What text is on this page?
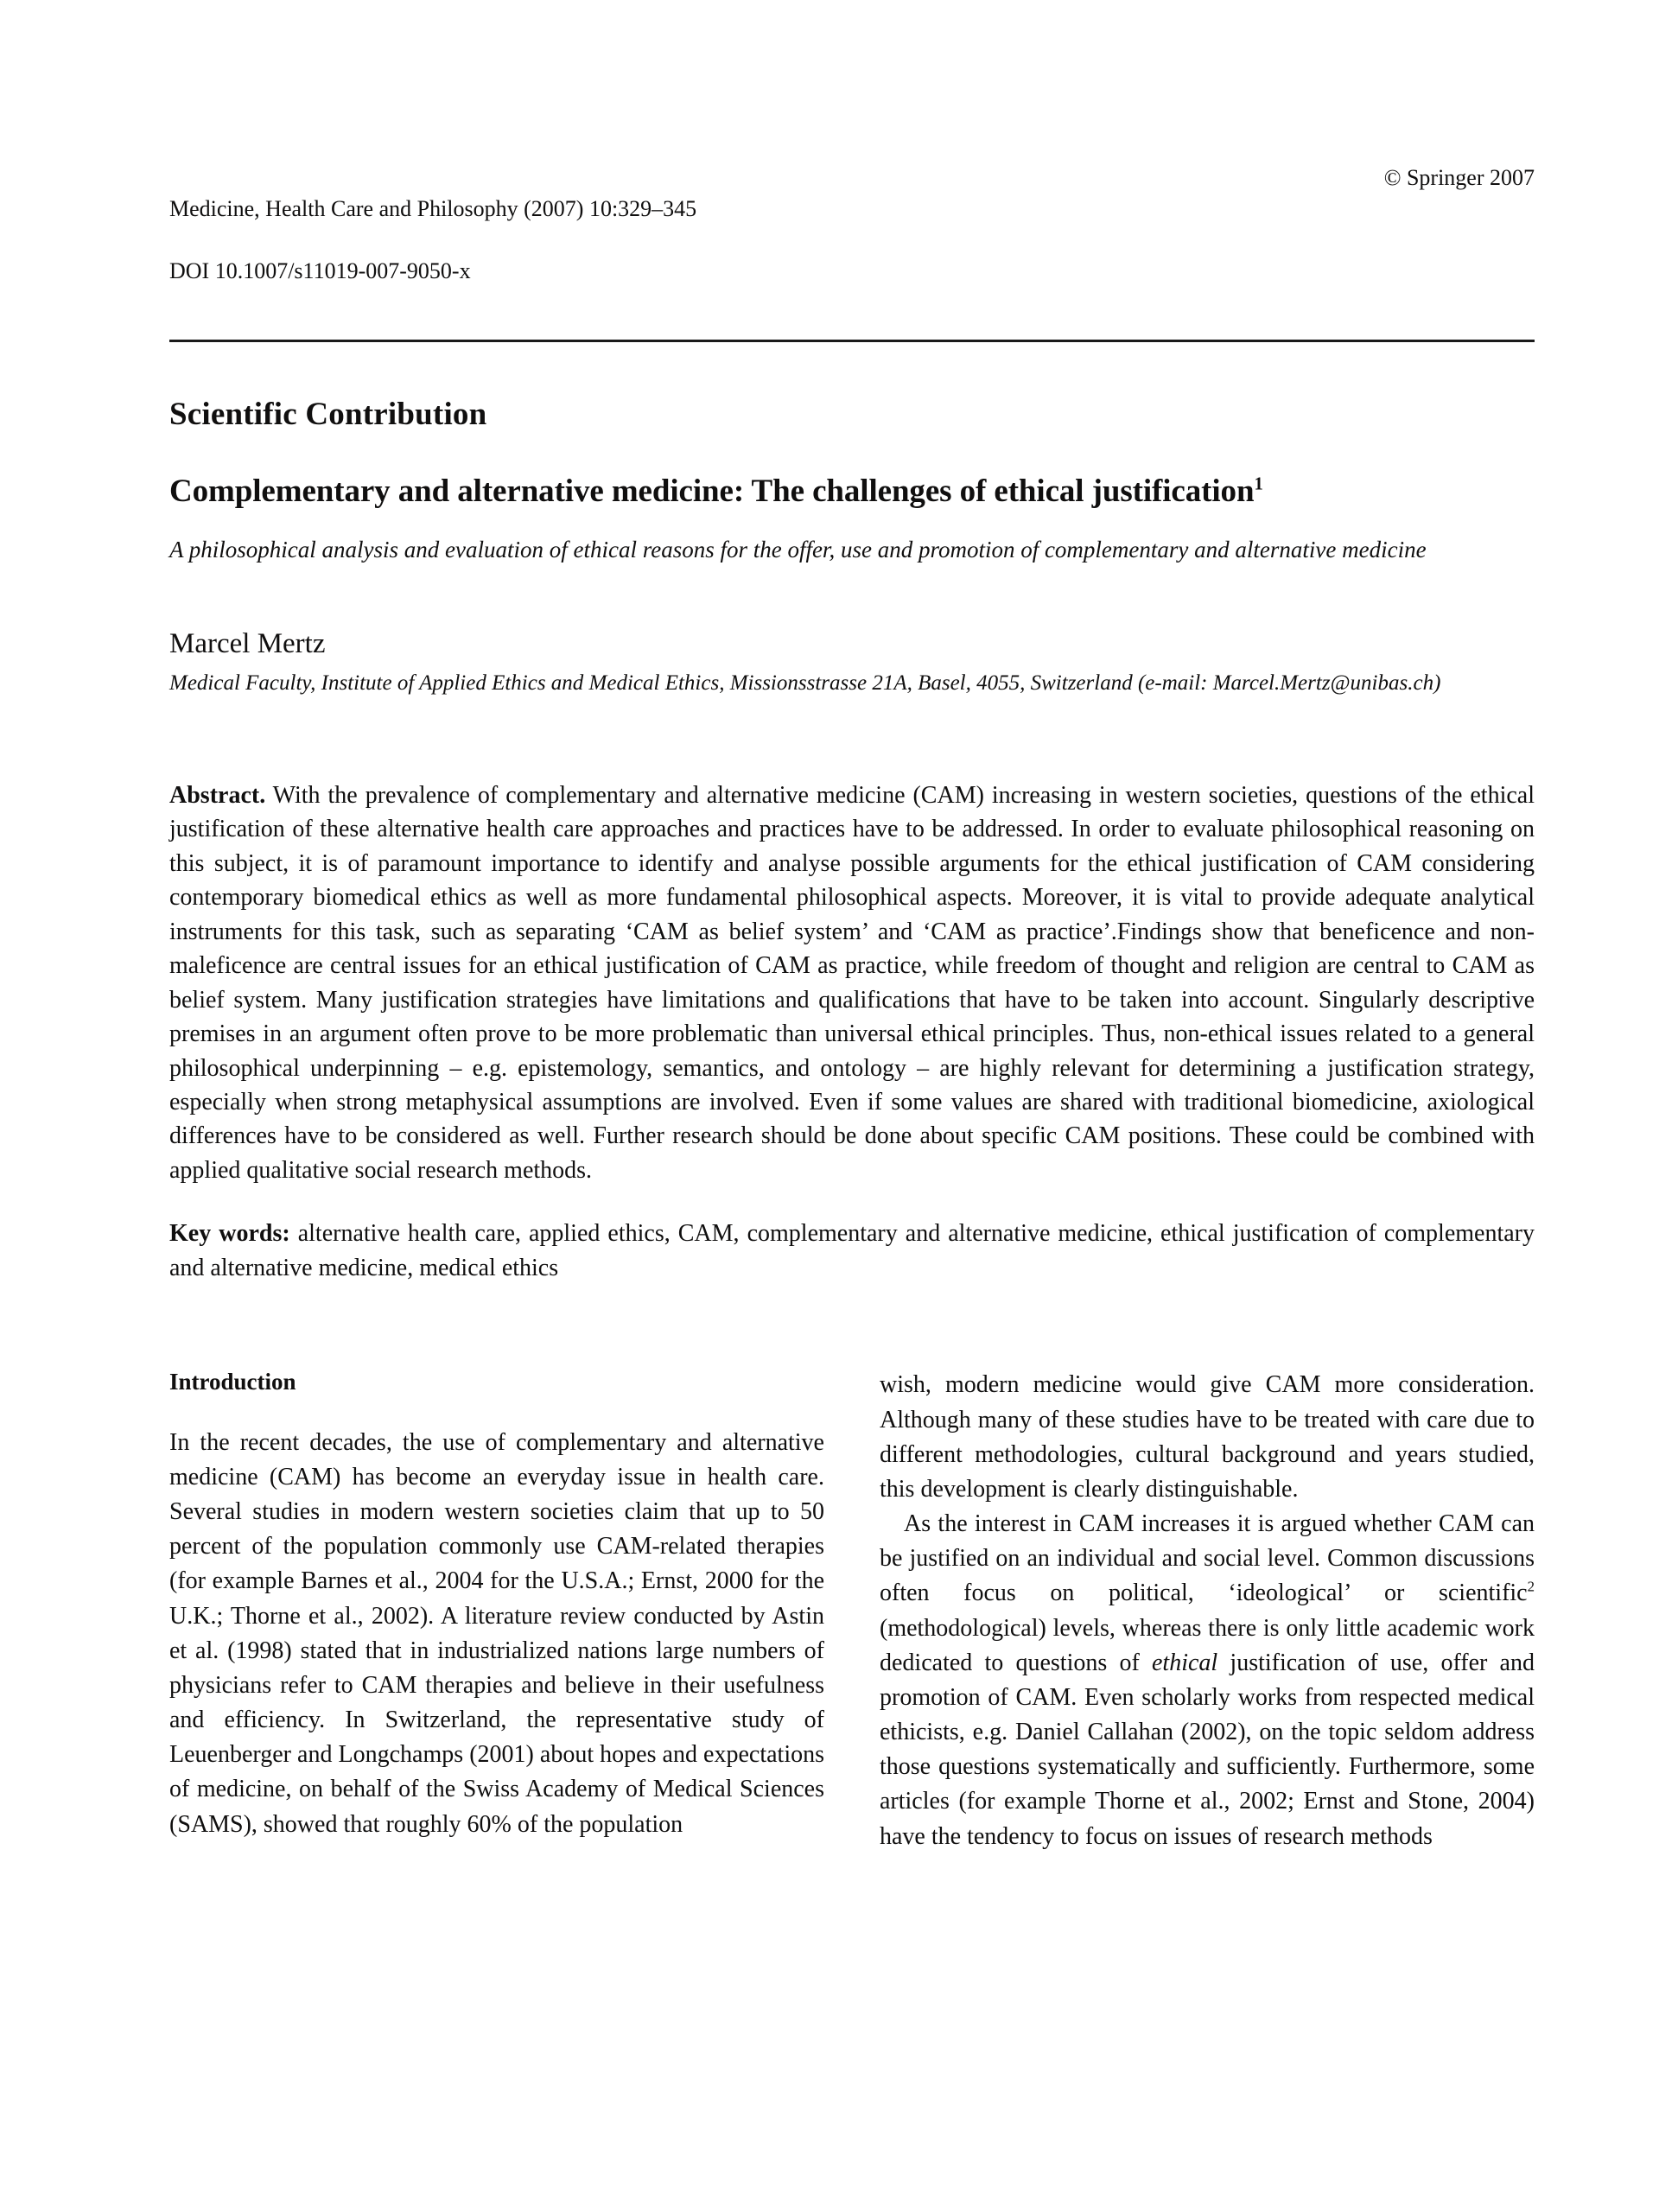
Medicine, Health Care and Philosophy (2007) 10:329–345

DOI 10.1007/s11019-007-9050-x

© Springer 2007
Scientific Contribution
Complementary and alternative medicine: The challenges of ethical justification$^1$
A philosophical analysis and evaluation of ethical reasons for the offer, use and promotion of complementary and alternative medicine
Marcel Mertz
Medical Faculty, Institute of Applied Ethics and Medical Ethics, Missionsstrasse 21A, Basel, 4055, Switzerland (e-mail: Marcel.Mertz@unibas.ch)
Abstract. With the prevalence of complementary and alternative medicine (CAM) increasing in western societies, questions of the ethical justification of these alternative health care approaches and practices have to be addressed. In order to evaluate philosophical reasoning on this subject, it is of paramount importance to identify and analyse possible arguments for the ethical justification of CAM considering contemporary biomedical ethics as well as more fundamental philosophical aspects. Moreover, it is vital to provide adequate analytical instruments for this task, such as separating ‘CAM as belief system’ and ‘CAM as practice’.Findings show that beneficence and non-maleficence are central issues for an ethical justification of CAM as practice, while freedom of thought and religion are central to CAM as belief system. Many justification strategies have limitations and qualifications that have to be taken into account. Singularly descriptive premises in an argument often prove to be more problematic than universal ethical principles. Thus, non-ethical issues related to a general philosophical underpinning – e.g. epistemology, semantics, and ontology – are highly relevant for determining a justification strategy, especially when strong metaphysical assumptions are involved. Even if some values are shared with traditional biomedicine, axiological differences have to be considered as well. Further research should be done about specific CAM positions. These could be combined with applied qualitative social research methods.
Key words: alternative health care, applied ethics, CAM, complementary and alternative medicine, ethical justification of complementary and alternative medicine, medical ethics
Introduction

In the recent decades, the use of complementary and alternative medicine (CAM) has become an everyday issue in health care. Several studies in modern western societies claim that up to 50 percent of the population commonly use CAM-related therapies (for example Barnes et al., 2004 for the U.S.A.; Ernst, 2000 for the U.K.; Thorne et al., 2002). A literature review conducted by Astin et al. (1998) stated that in industrialized nations large numbers of physicians refer to CAM therapies and believe in their usefulness and efficiency. In Switzerland, the representative study of Leuenberger and Longchamps (2001) about hopes and expectations of medicine, on behalf of the Swiss Academy of Medical Sciences (SAMS), showed that roughly 60% of the population

wish, modern medicine would give CAM more consideration. Although many of these studies have to be treated with care due to different methodologies, cultural background and years studied, this development is clearly distinguishable.

As the interest in CAM increases it is argued whether CAM can be justified on an individual and social level. Common discussions often focus on political, ‘ideological’ or scientific$^2$ (methodological) levels, whereas there is only little academic work dedicated to questions of ethical justification of use, offer and promotion of CAM. Even scholarly works from respected medical ethicists, e.g. Daniel Callahan (2002), on the topic seldom address those questions systematically and sufficiently. Furthermore, some articles (for example Thorne et al., 2002; Ernst and Stone, 2004) have the tendency to focus on issues of research methods
